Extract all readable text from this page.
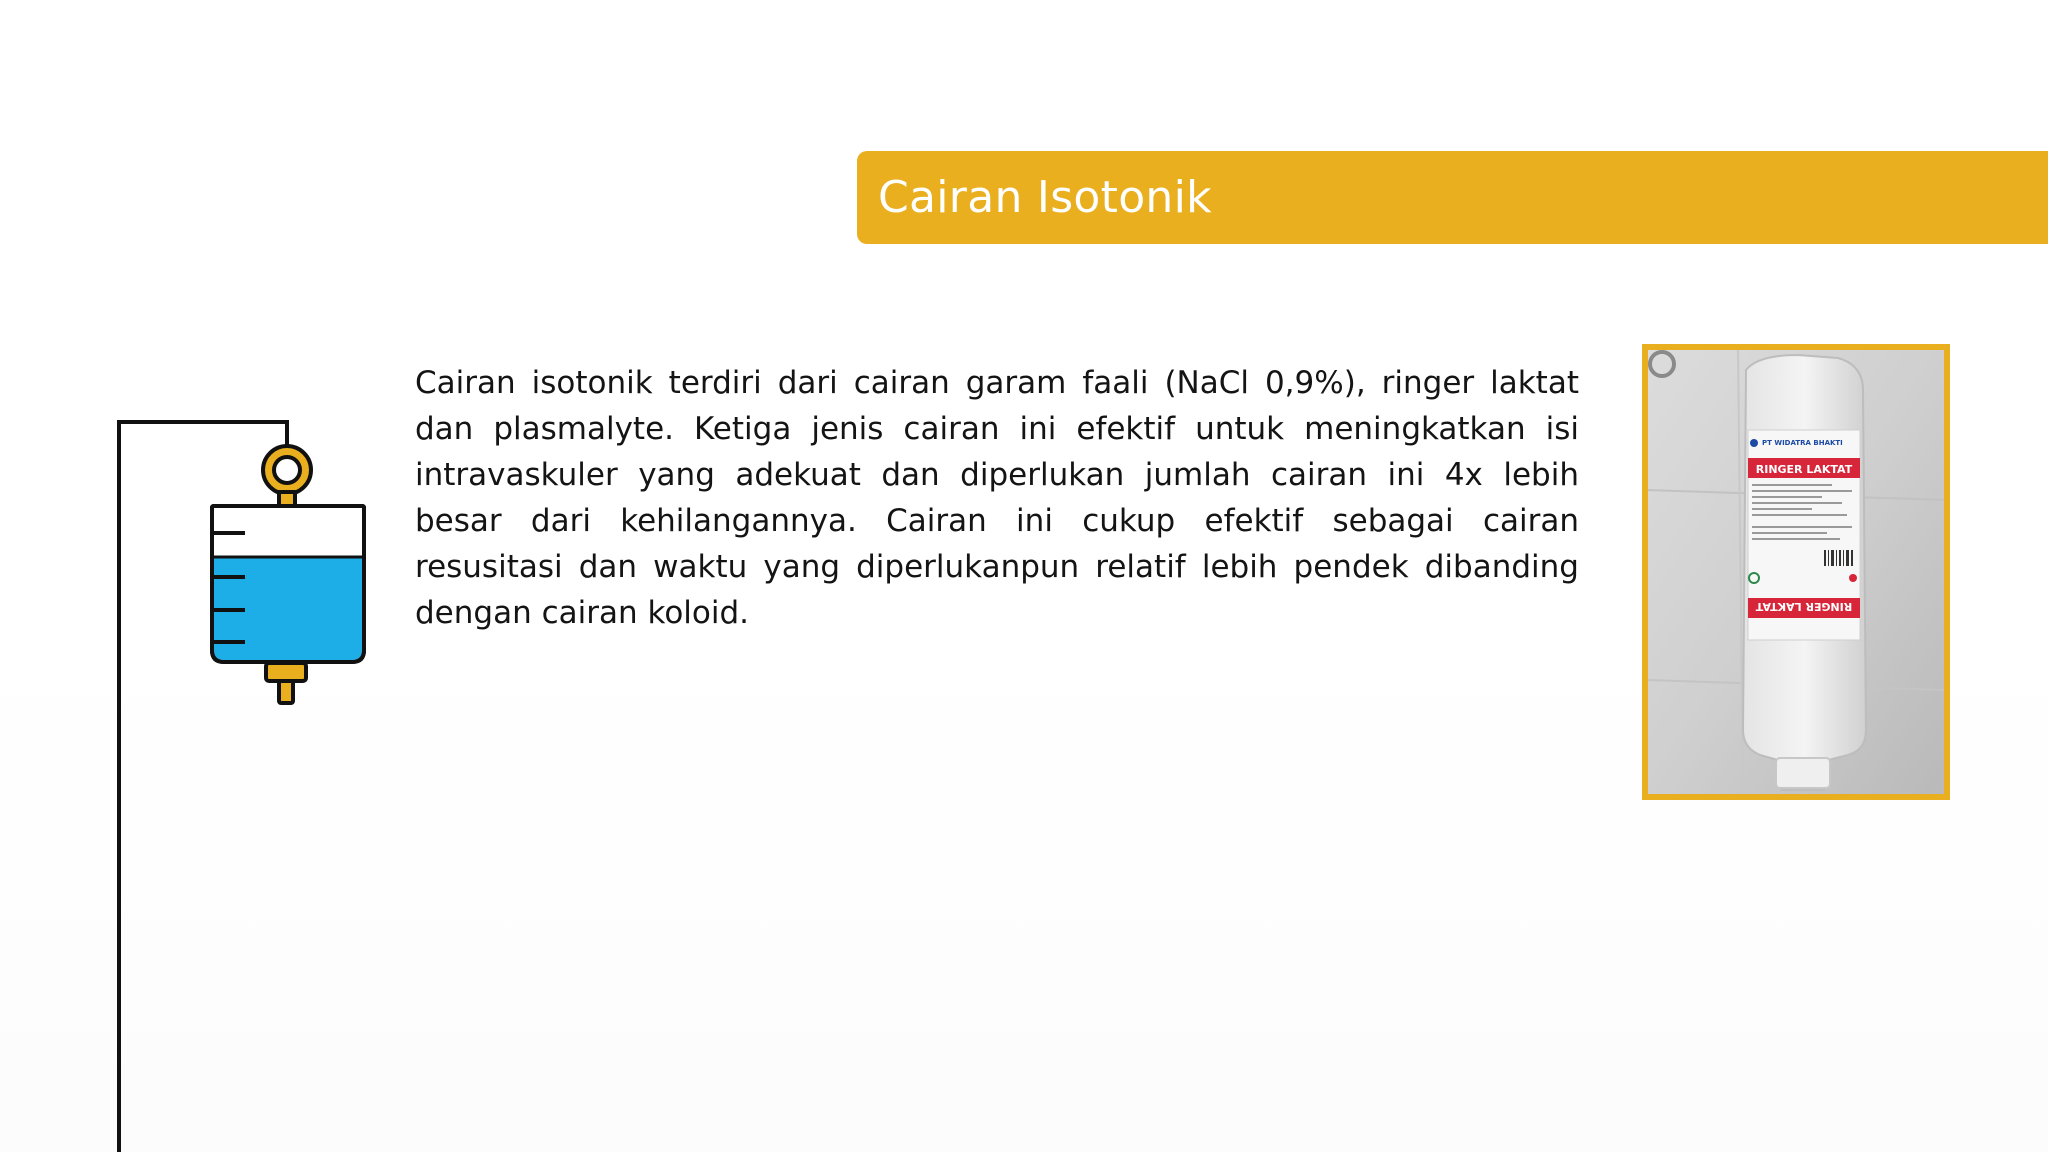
Cairan Isotonik

Cairan isotonik terdiri dari cairan garam faali (NaCl 0,9%), ringer laktat dan plasmalyte. Ketiga jenis cairan ini efektif untuk meningkatkan isi intravaskuler yang adekuat dan diperlukan jumlah cairan ini 4x lebih besar dari kehilangannya. Cairan ini cukup efektif sebagai cairan resusitasi dan waktu yang diperlukanpun relatif lebih pendek dibanding dengan cairan koloid.

PT WIDATRA BHAKTI
RINGER LAKTAT
RINGER LAKTAT
